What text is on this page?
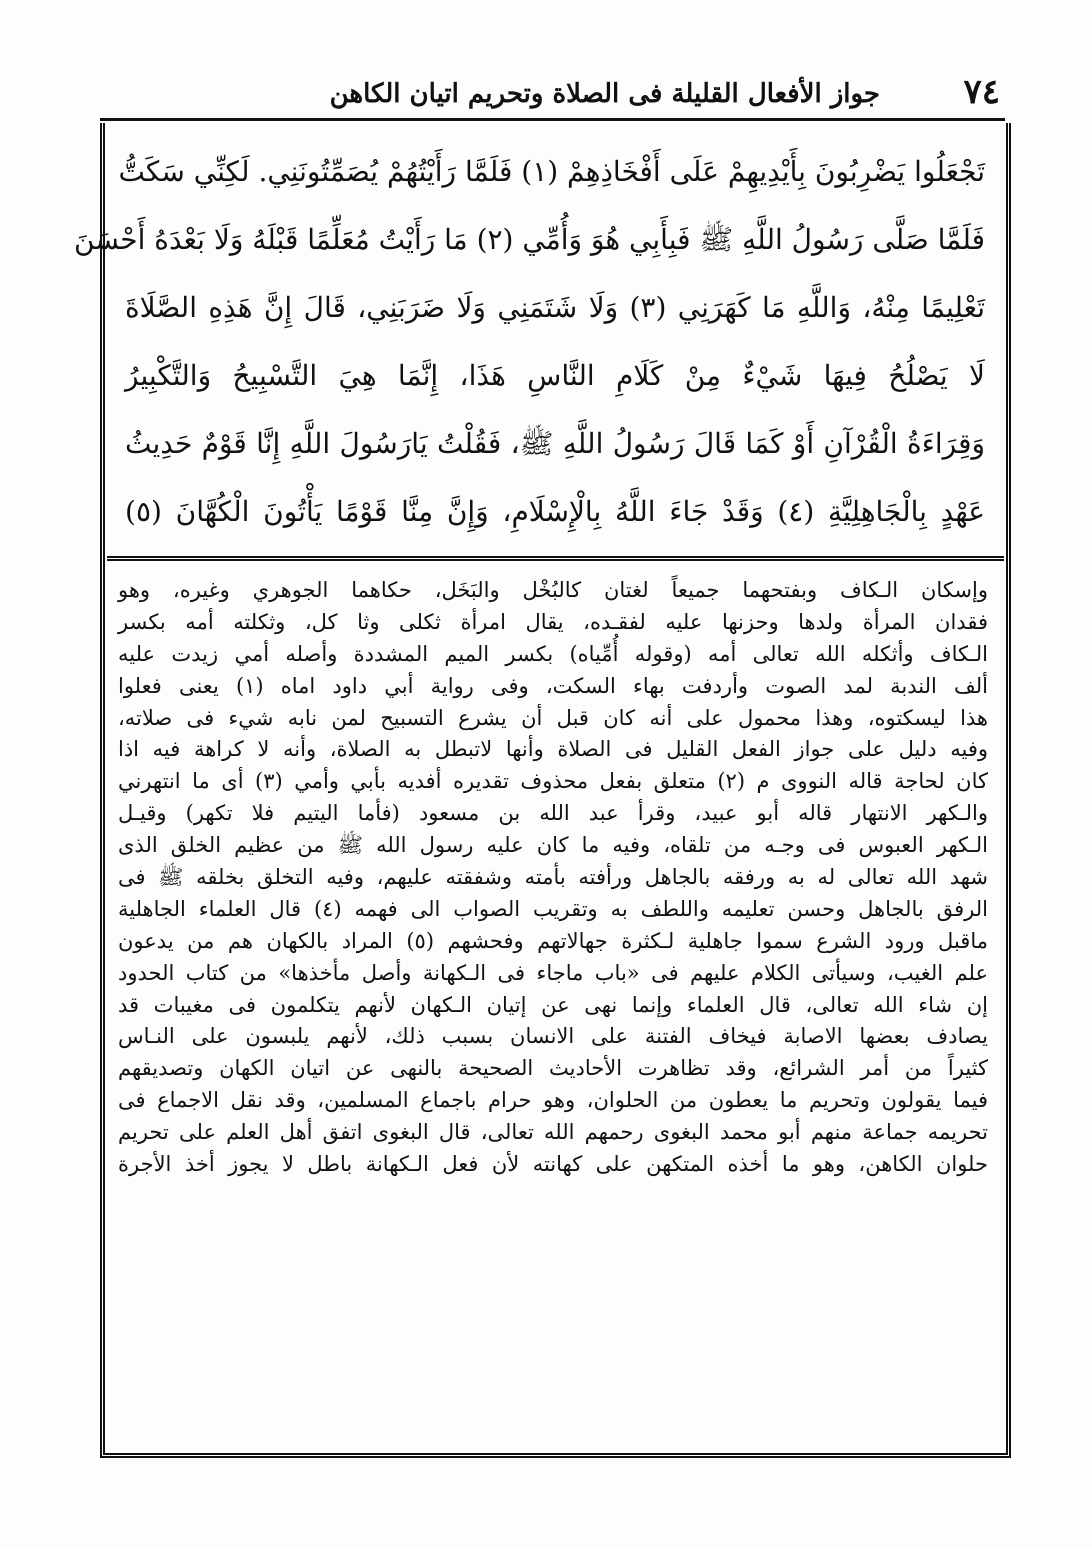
٧٤
جواز الأفعال القليلة فى الصلاة وتحريم اتيان الكاهن
تَجْعَلُوا يَضْرِبُونَ بِأَيْدِيهِمْ عَلَى أَفْخَاذِهِمْ (١) فَلَمَّا رَأَيْتُهُمْ يُصَمِّتُونَنِي. لَكِنِّي سَكَتُّ
فَلَمَّا صَلَّى رَسُولُ اللَّهِ ﷺ فَبِأَبِي هُوَ وَأُمِّي (٢) مَا رَأَيْتُ مُعَلِّمًا قَبْلَهُ وَلَا بَعْدَهُ أَحْسَنَ
تَعْلِيمًا مِنْهُ، وَاللَّهِ مَا كَهَرَنِي (٣) وَلَا شَتَمَنِي وَلَا ضَرَبَنِي، قَالَ إِنَّ هَذِهِ الصَّلَاةَ
لَا يَصْلُحُ فِيهَا شَيْءٌ مِنْ كَلَامِ النَّاسِ هَذَا، إِنَّمَا هِيَ التَّسْبِيحُ وَالتَّكْبِيرُ
وَقِرَاءَةُ الْقُرْآنِ أَوْ كَمَا قَالَ رَسُولُ اللَّهِ ﷺ، فَقُلْتُ يَارَسُولَ اللَّهِ إِنَّا قَوْمٌ حَدِيثُ
عَهْدٍ بِالْجَاهِلِيَّةِ (٤) وَقَدْ جَاءَ اللَّهُ بِالْإِسْلَامِ، وَإِنَّ مِنَّا قَوْمًا يَأْتُونَ الْكُهَّانَ (٥)
وإسكان الـكاف وبفتحهما جميعاً لغتان كالبُخْل والبَخَل، حكاهما الجوهري وغيره، وهو
فقدان المرأة ولدها وحزنها عليه لفقـده، يقال امرأة ثكلى وثا كل، وثكلته أمه بكسر
الـكاف وأثكله الله تعالى أمه (وقوله أُمِّياه) بكسر الميم المشددة وأصله أمي زيدت عليه
ألف الندبة لمد الصوت وأردفت بهاء السكت، وفى رواية أبي داود اماه (١) يعنى فعلوا
هذا ليسكتوه، وهذا محمول على أنه كان قبل أن يشرع التسبيح لمن نابه شيء فى صلاته،
وفيه دليل على جواز الفعل القليل فى الصلاة وأنها لاتبطل به الصلاة، وأنه لا كراهة فيه اذا
كان لحاجة قاله النووى م (٢) متعلق بفعل محذوف تقديره أفديه بأبي وأمي (٣) أى ما انتهرني
والـكهر الانتهار قاله أبو عبيد، وقرأ عبد الله بن مسعود (فأما اليتيم فلا تكهر) وقيـل
الـكهر العبوس فى وجـه من تلقاه، وفيه ما كان عليه رسول الله ﷺ من عظيم الخلق الذى
شهد الله تعالى له به ورفقه بالجاهل ورأفته بأمته وشفقته عليهم، وفيه التخلق بخلقه ﷺ فى
الرفق بالجاهل وحسن تعليمه واللطف به وتقريب الصواب الى فهمه (٤) قال العلماء الجاهلية
ماقبل ورود الشرع سموا جاهلية لـكثرة جهالاتهم وفحشهم (٥) المراد بالكهان هم من يدعون
علم الغيب، وسيأتى الكلام عليهم فى «باب ماجاء فى الـكهانة وأصل مأخذها» من كتاب الحدود
إن شاء الله تعالى، قال العلماء وإنما نهى عن إتيان الـكهان لأنهم يتكلمون فى مغيبات قد
يصادف بعضها الاصابة فيخاف الفتنة على الانسان بسبب ذلك، لأنهم يلبسون على النـاس
كثيراً من أمر الشرائع، وقد تظاهرت الأحاديث الصحيحة بالنهى عن اتيان الكهان وتصديقهم
فيما يقولون وتحريم ما يعطون من الحلوان، وهو حرام باجماع المسلمين، وقد نقل الاجماع فى
تحريمه جماعة منهم أبو محمد البغوى رحمهم الله تعالى، قال البغوى اتفق أهل العلم على تحريم
حلوان الكاهن، وهو ما أخذه المتكهن على كهانته لأن فعل الـكهانة باطل لا يجوز أخذ الأجرة
